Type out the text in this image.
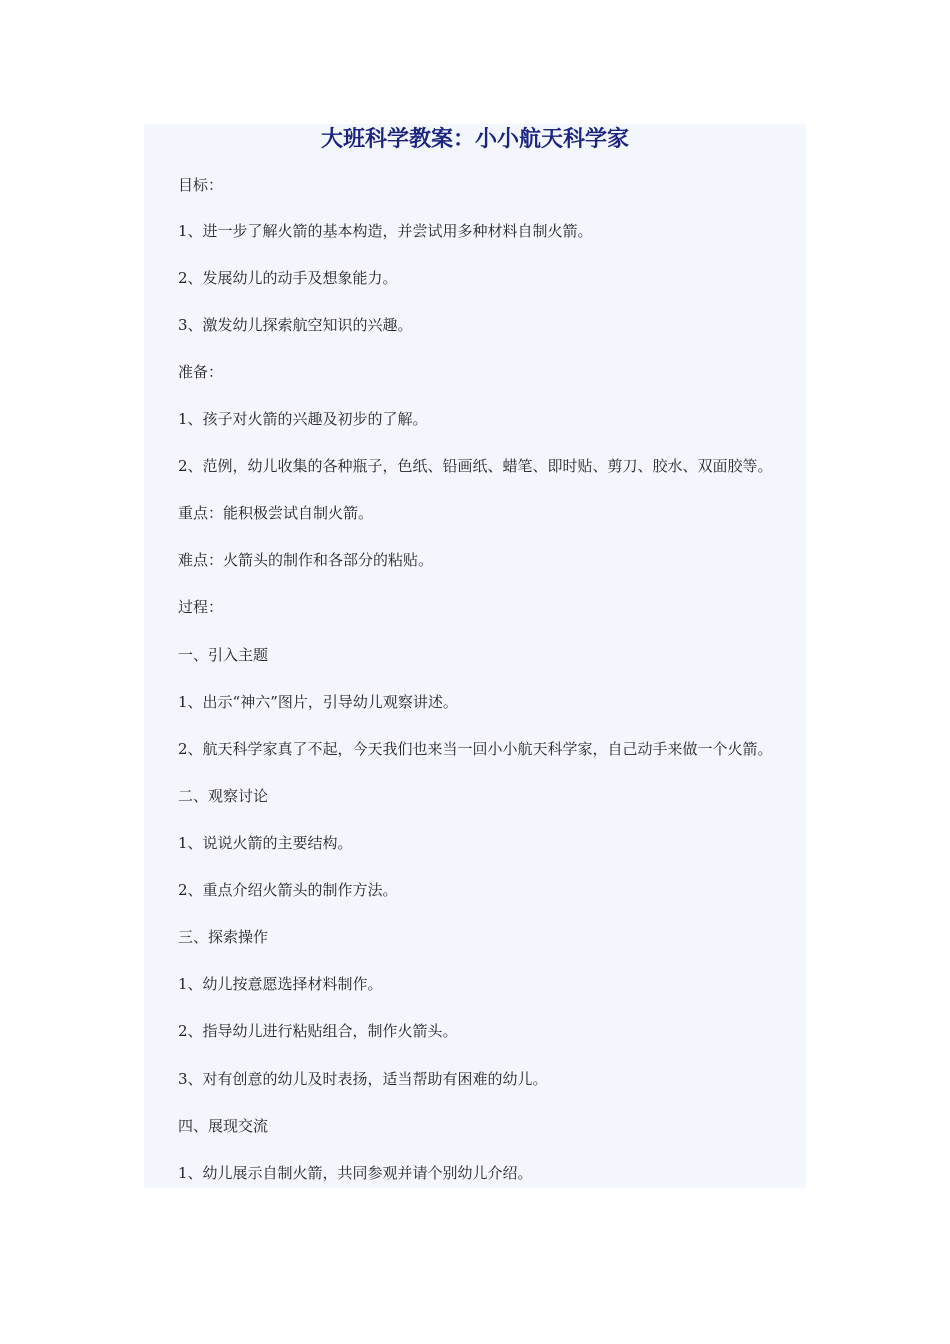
大班科学教案：小小航天科学家
目标：
1、进一步了解火箭的基本构造，并尝试用多种材料自制火箭。
2、发展幼儿的动手及想象能力。
3、激发幼儿探索航空知识的兴趣。
准备：
1、孩子对火箭的兴趣及初步的了解。
2、范例，幼儿收集的各种瓶子，色纸、铅画纸、蜡笔、即时贴、剪刀、胶水、双面胶等。
重点：能积极尝试自制火箭。
难点：火箭头的制作和各部分的粘贴。
过程：
一、引入主题
1、出示“神六”图片，引导幼儿观察讲述。
2、航天科学家真了不起，今天我们也来当一回小小航天科学家，自己动手来做一个火箭。
二、观察讨论
1、说说火箭的主要结构。
2、重点介绍火箭头的制作方法。
三、探索操作
1、幼儿按意愿选择材料制作。
2、指导幼儿进行粘贴组合，制作火箭头。
3、对有创意的幼儿及时表扬，适当帮助有困难的幼儿。
四、展现交流
1、幼儿展示自制火箭，共同参观并请个别幼儿介绍。
